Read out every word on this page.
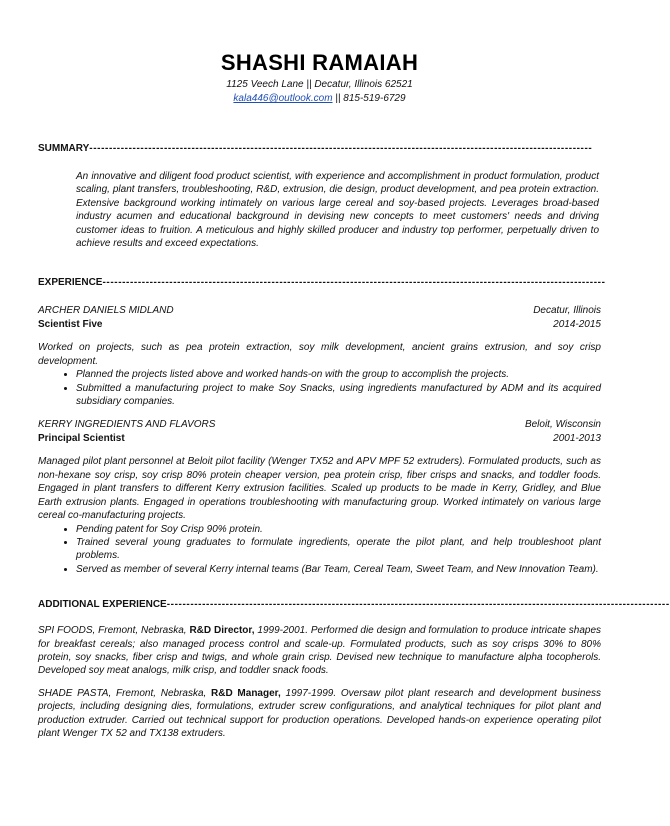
SHASHI RAMAIAH
1125 Veech Lane || Decatur, Illinois 62521
kala446@outlook.com || 815-519-6729
SUMMARY--------------------------------------------------------------------------------------------------------------------------------
An innovative and diligent food product scientist, with experience and accomplishment in product formulation, product scaling, plant transfers, troubleshooting, R&D, extrusion, die design, product development, and pea protein extraction. Extensive background working intimately on various large cereal and soy-based projects. Leverages broad-based industry acumen and educational background in devising new concepts to meet customers' needs and driving customer ideas to fruition. A meticulous and highly skilled producer and industry top performer, perpetually driven to achieve results and exceed expectations.
EXPERIENCE--------------------------------------------------------------------------------------------------------------------------------
ARCHER DANIELS MIDLAND	Decatur, Illinois
Scientist Five	2014-2015
Worked on projects, such as pea protein extraction, soy milk development, ancient grains extrusion, and soy crisp development.
• Planned the projects listed above and worked hands-on with the group to accomplish the projects.
• Submitted a manufacturing project to make Soy Snacks, using ingredients manufactured by ADM and its acquired subsidiary companies.
KERRY INGREDIENTS AND FLAVORS	Beloit, Wisconsin
Principal Scientist	2001-2013
Managed pilot plant personnel at Beloit pilot facility (Wenger TX52 and APV MPF 52 extruders). Formulated products, such as non-hexane soy crisp, soy crisp 80% protein cheaper version, pea protein crisp, fiber crisps and snacks, and toddler foods. Engaged in plant transfers to different Kerry extrusion facilities. Scaled up products to be made in Kerry, Gridley, and Blue Earth extrusion plants. Engaged in operations troubleshooting with manufacturing group. Worked intimately on various large cereal co-manufacturing projects.
• Pending patent for Soy Crisp 90% protein.
• Trained several young graduates to formulate ingredients, operate the pilot plant, and help troubleshoot plant problems.
• Served as member of several Kerry internal teams (Bar Team, Cereal Team, Sweet Team, and New Innovation Team).
ADDITIONAL EXPERIENCE--------------------------------------------------------------------------------------------------------------------------------
SPI FOODS, Fremont, Nebraska, R&D Director, 1999-2001. Performed die design and formulation to produce intricate shapes for breakfast cereals; also managed process control and scale-up. Formulated products, such as soy crisps 30% to 80% protein, soy snacks, fiber crisp and twigs, and whole grain crisp. Devised new technique to manufacture alpha tocopherols. Developed soy meat analogs, milk crisp, and toddler snack foods.
SHADE PASTA, Fremont, Nebraska, R&D Manager, 1997-1999. Oversaw pilot plant research and development business projects, including designing dies, formulations, extruder screw configurations, and analytical techniques for pilot plant and production extruder. Carried out technical support for production operations. Developed hands-on experience operating pilot plant Wenger TX 52 and TX138 extruders.
